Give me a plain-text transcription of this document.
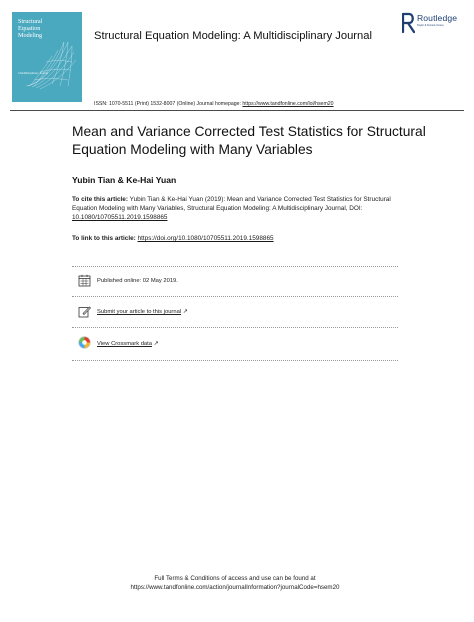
Structural
Equation
Modeling
A Multidisciplinary Journal
Structural Equation Modeling: A Multidisciplinary Journal
Routledge
Taylor & Francis Group
ISSN: 1070-5511 (Print) 1532-8007 (Online) Journal homepage: https://www.tandfonline.com/loi/hsem20
Mean and Variance Corrected Test Statistics for Structural Equation Modeling with Many Variables
Yubin Tian & Ke-Hai Yuan
To cite this article: Yubin Tian & Ke-Hai Yuan (2019): Mean and Variance Corrected Test Statistics for Structural Equation Modeling with Many Variables, Structural Equation Modeling: A Multidisciplinary Journal, DOI: 10.1080/10705511.2019.1598865
To link to this article: https://doi.org/10.1080/10705511.2019.1598865
Published online: 02 May 2019.
Submit your article to this journal ↗
View Crossmark data ↗
Full Terms & Conditions of access and use can be found at
https://www.tandfonline.com/action/journalInformation?journalCode=hsem20
